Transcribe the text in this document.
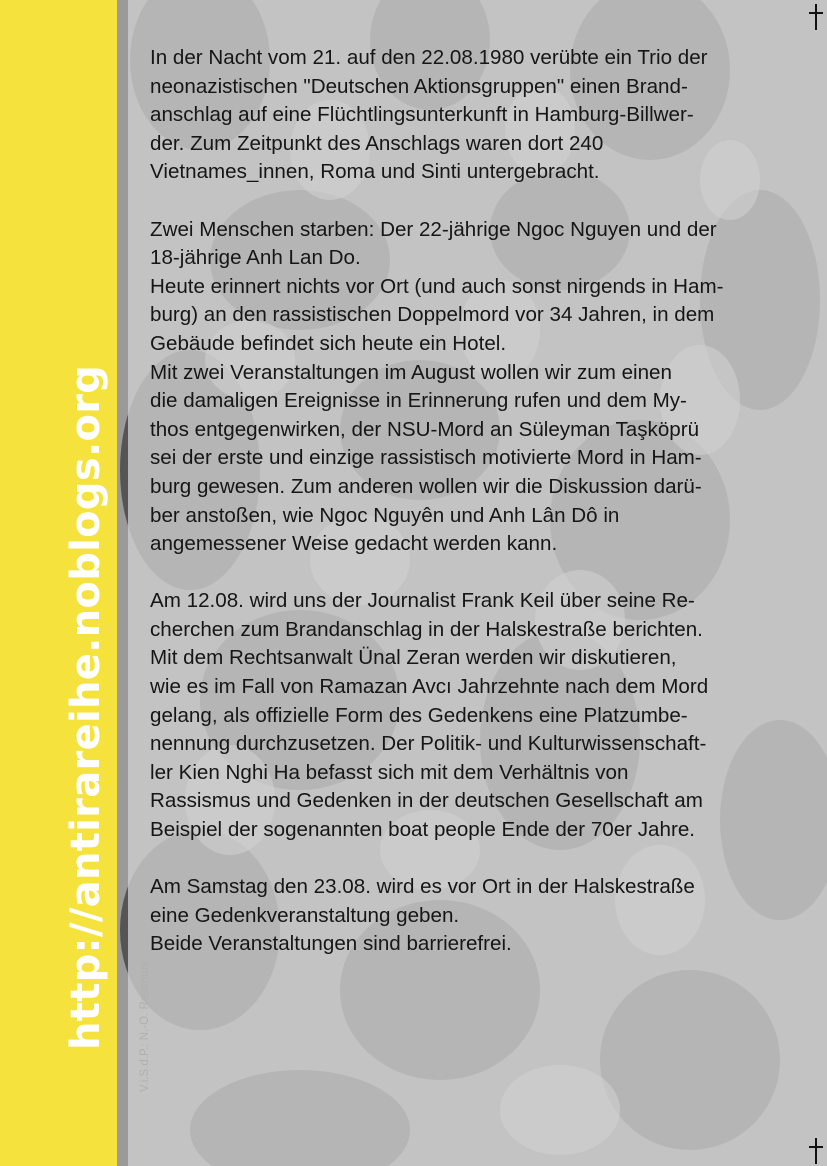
http://antirareihe.noblogs.org

In der Nacht vom 21. auf den 22.08.1980 verübte ein Trio der

neonazistischen "Deutschen Aktionsgruppen" einen Brand-

anschlag auf eine Flüchtlingsunterkunft in Hamburg-Billwer-

der. Zum Zeitpunkt des Anschlags waren dort 240

Vietnames_innen, Roma und Sinti untergebracht.

Zwei Menschen starben: Der 22-jährige Ngoc Nguyen und der

18-jährige Anh Lan Do.

Heute erinnert nichts vor Ort (und auch sonst nirgends in Ham-

burg) an den rassistischen Doppelmord vor 34 Jahren, in dem

Gebäude befindet sich heute ein Hotel.

Mit zwei Veranstaltungen im August wollen wir zum einen

die damaligen Ereignisse in Erinnerung rufen und dem My-

thos entgegenwirken, der NSU-Mord an Süleyman Taşköprü

sei der erste und einzige rassistisch motivierte Mord in Ham-

burg gewesen. Zum anderen wollen wir die Diskussion darü-

ber anstoßen, wie Ngoc Nguyên und Anh Lân Dô in

angemessener Weise gedacht werden kann.

Am 12.08. wird uns der Journalist Frank Keil über seine Re-

cherchen zum Brandanschlag in der Halskestraße berichten.

Mit dem Rechtsanwalt Ünal Zeran werden wir diskutieren,

wie es im Fall von Ramazan Avcı Jahrzehnte nach dem Mord

gelang, als offizielle Form des Gedenkens eine Platzumbe-

nennung durchzusetzen. Der Politik- und Kulturwissenschaft-

ler Kien Nghi Ha befasst sich mit dem Verhältnis von

Rassismus und Gedenken in der deutschen Gesellschaft am

Beispiel der sogenannten boat people Ende der 70er Jahre.

Am Samstag den 23.08. wird es vor Ort in der Halskestraße

eine Gedenkveranstaltung geben.

Beide Veranstaltungen sind barrierefrei.
